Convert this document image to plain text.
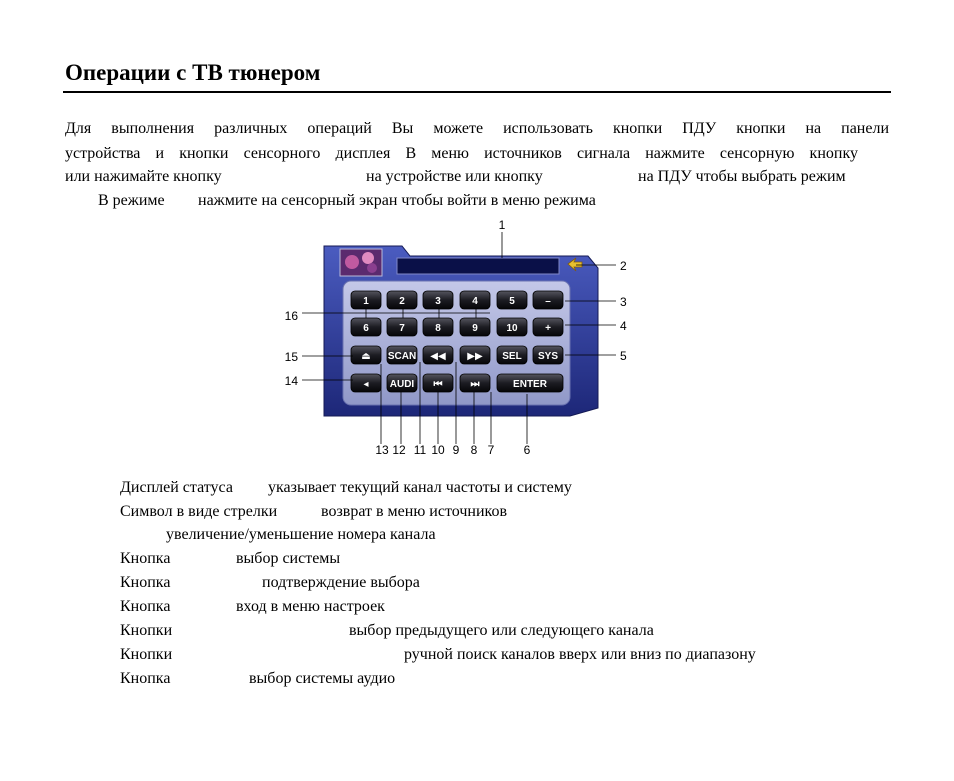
Операции с ТВ тюнером
Для выполнения различных операций Вы можете использовать кнопки ПДУ кнопки на панели
устройства и кнопки сенсорного дисплея В меню источников сигнала нажмите сенсорную кнопку
или нажимайте кнопку	на устройстве или кнопку	на ПДУ чтобы выбрать режим
В режиме нажмите на сенсорный экран чтобы войти в меню режима
1	2	3	4	5	–
6	7	8	9	10	+
⏏ SCAN ◀◀ ▶▶ SEL SYS
◂ AUDI ⏮	⏭	ENTER
1
2
3
4
5
6
7
8
9
10
11
12
13
14
15
16
Дисплей статуса указывает текущий канал частоты и систему
Символ в виде стрелки	возврат в меню источников
увеличение/уменьшение номера канала
Кнопка	выбор системы
Кнопка	подтверждение выбора
Кнопка	вход в меню настроек
Кнопки	выбор предыдущего или следующего канала
Кнопки	ручной поиск каналов вверх или вниз по диапазону
Кнопка	выбор системы аудио
